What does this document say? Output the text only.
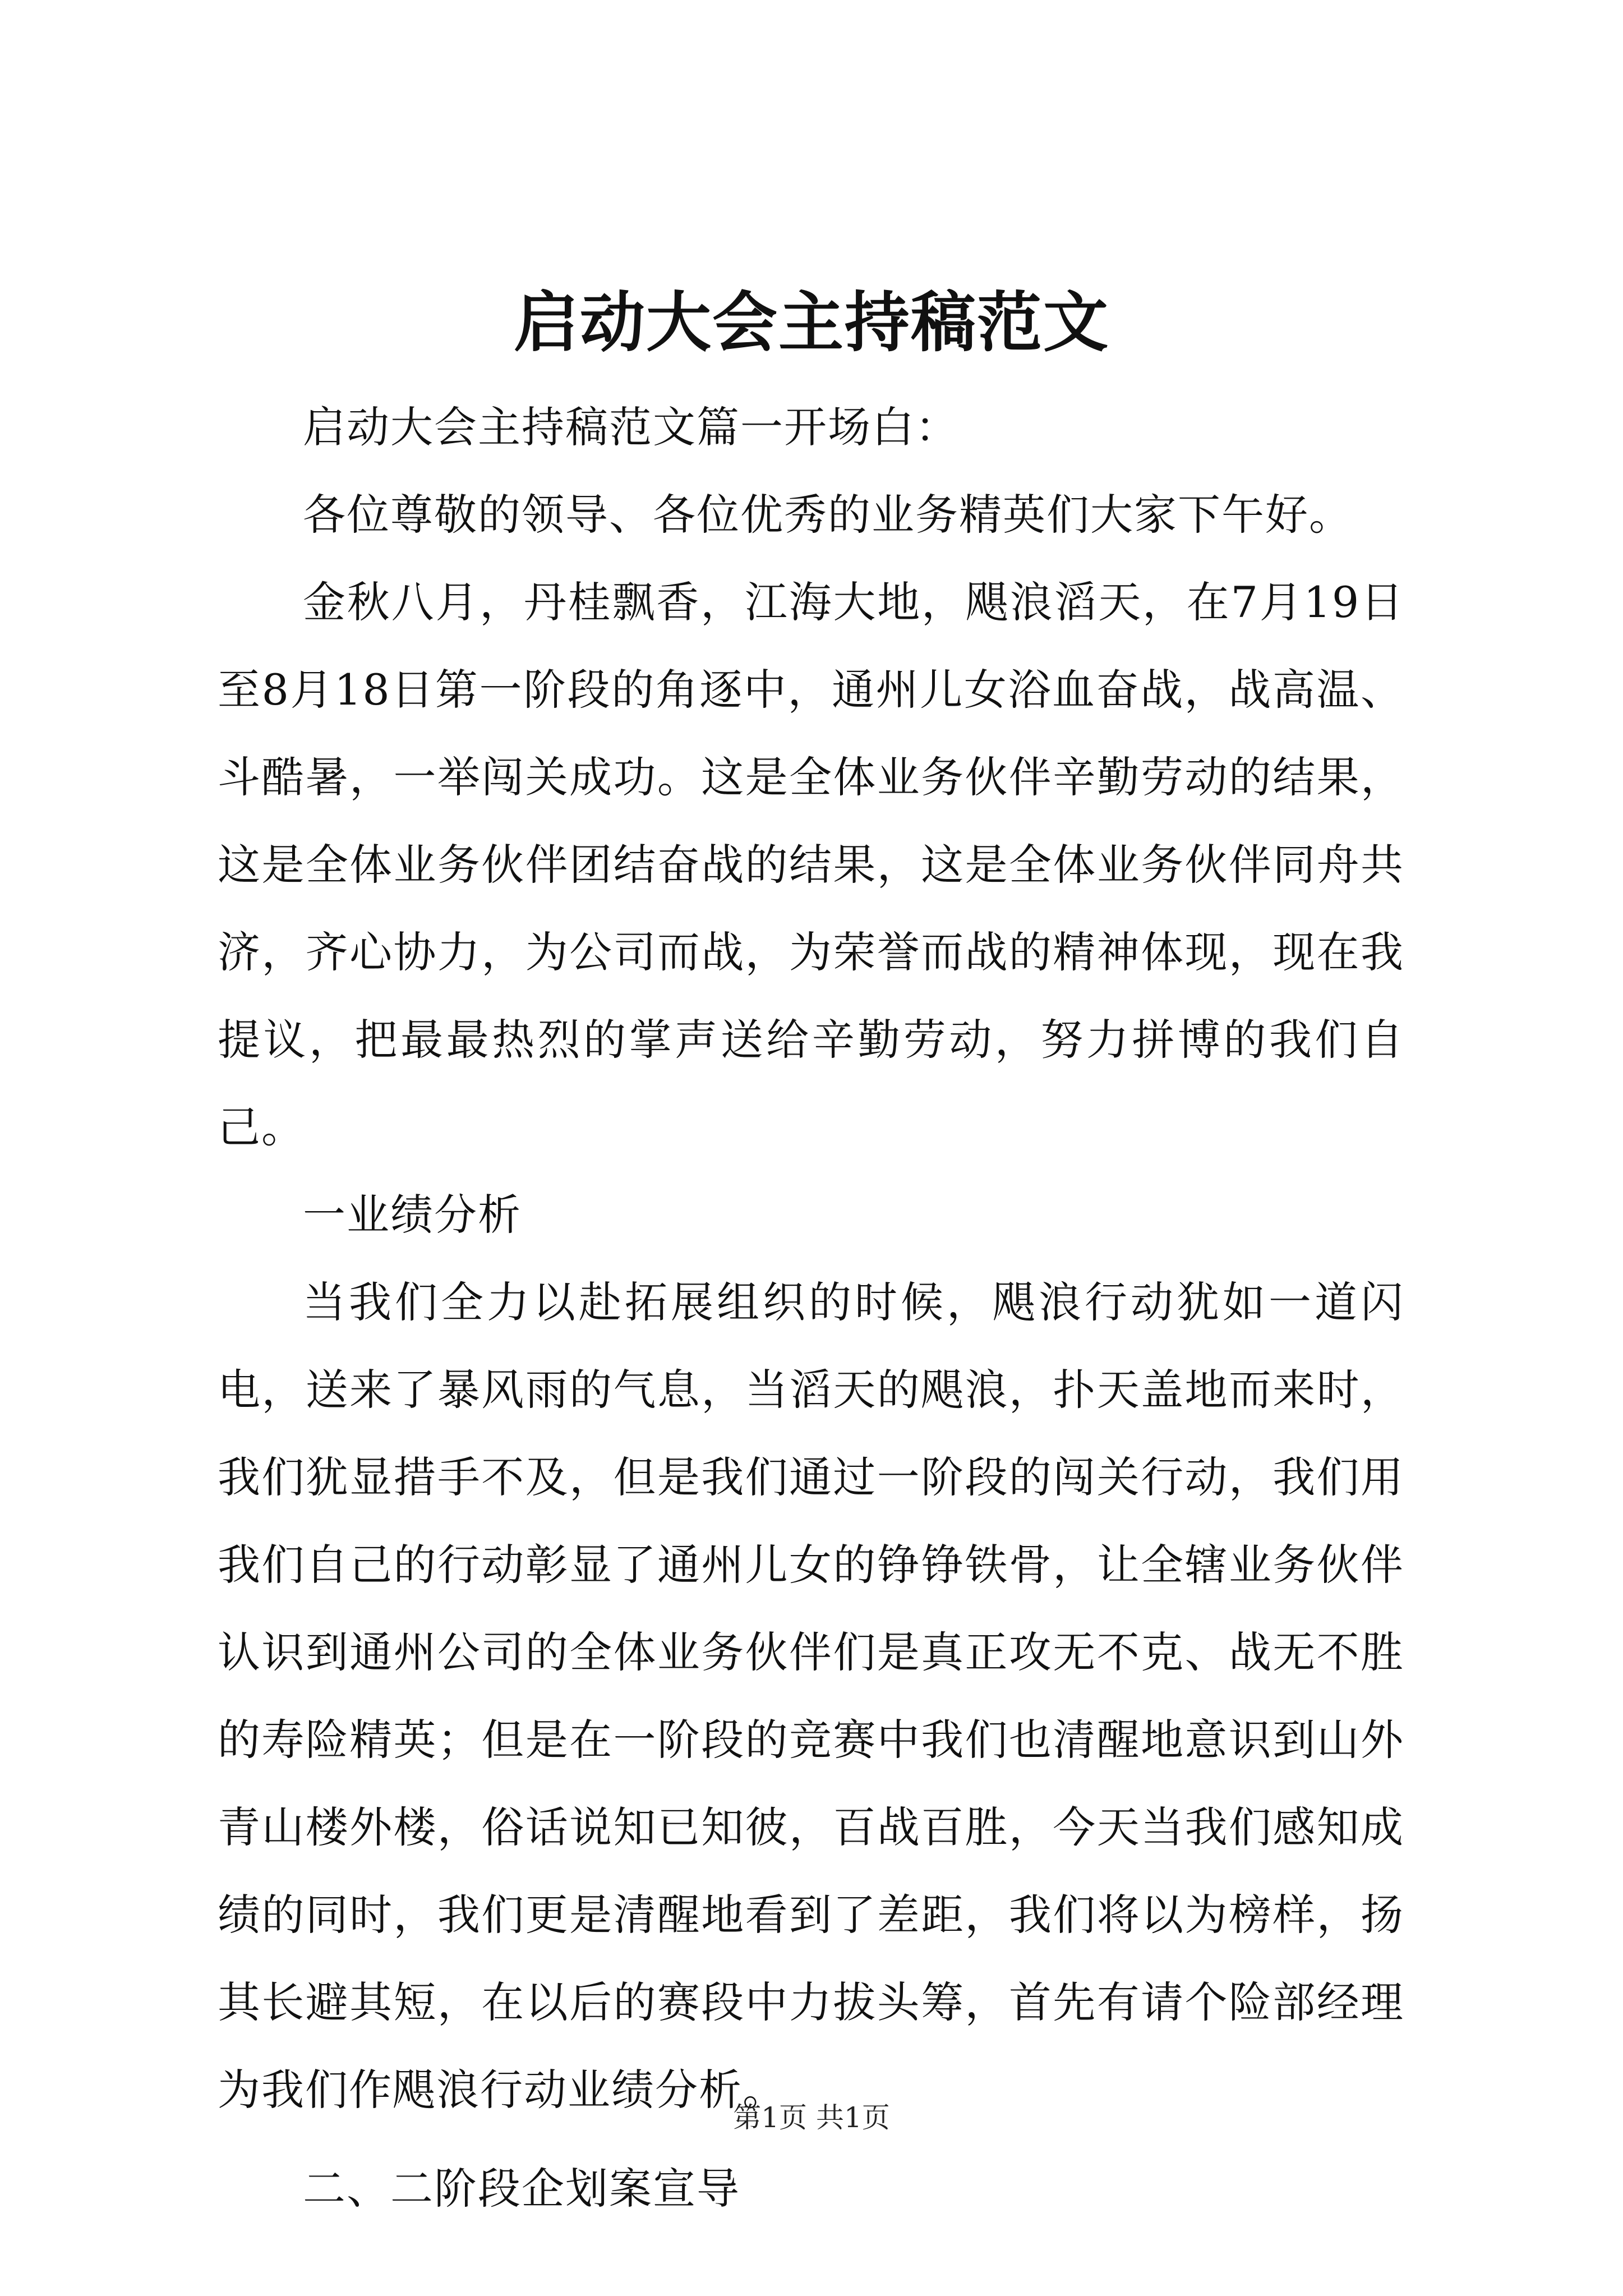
启动大会主持稿范文

启动大会主持稿范文篇一开场白：

各位尊敬的领导、各位优秀的业务精英们大家下午好。

金秋八月，丹桂飘香，江海大地，飓浪滔天，在7月19日至8月18日第一阶段的角逐中，通州儿女浴血奋战，战高温、斗酷暑，一举闯关成功。这是全体业务伙伴辛勤劳动的结果，这是全体业务伙伴团结奋战的结果，这是全体业务伙伴同舟共济，齐心协力，为公司而战，为荣誉而战的精神体现，现在我提议，把最最热烈的掌声送给辛勤劳动，努力拼博的我们自己。

一业绩分析

当我们全力以赴拓展组织的时候，飓浪行动犹如一道闪电，送来了暴风雨的气息，当滔天的飓浪，扑天盖地而来时，我们犹显措手不及，但是我们通过一阶段的闯关行动，我们用我们自己的行动彰显了通州儿女的铮铮铁骨，让全辖业务伙伴认识到通州公司的全体业务伙伴们是真正攻无不克、战无不胜的寿险精英；但是在一阶段的竞赛中我们也清醒地意识到山外青山楼外楼，俗话说知已知彼，百战百胜，今天当我们感知成绩的同时，我们更是清醒地看到了差距，我们将以为榜样，扬其长避其短，在以后的赛段中力拔头筹，首先有请个险部经理为我们作飓浪行动业绩分析。

二、二阶段企划案宣导

第1页 共1页
